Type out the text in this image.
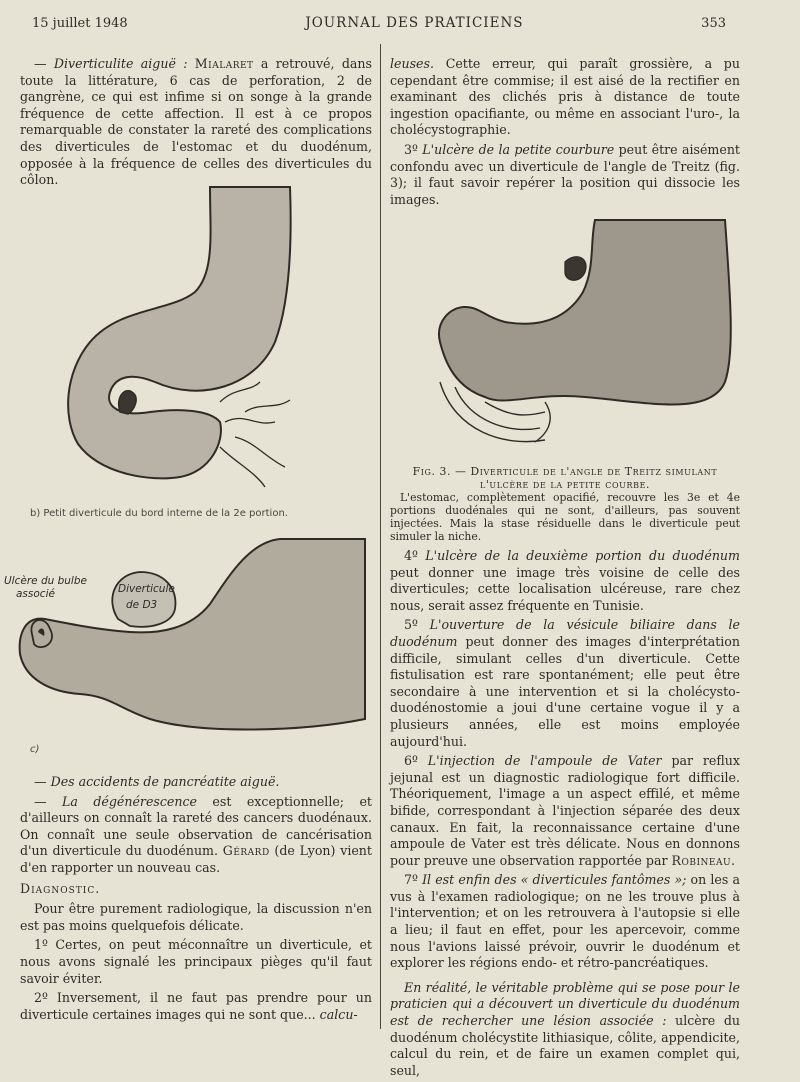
15 juillet 1948	JOURNAL DES PRATICIENS	353

— Diverticulite aiguë : Mialaret a retrouvé, dans toute la littérature, 6 cas de perforation, 2 de gangrène, ce qui est infime si on songe à la grande fréquence de cette affection. Il est à ce propos remarquable de constater la rareté des complications des diverticules de l'estomac et du duodénum, opposée à la fréquence de celles des diverticules du côlon.

b) Petit diverticule du bord interne de la 2e portion.
Ulcère du bulbe
associé	Diverticule
de D3
c)

— Des accidents de pancréatite aiguë.

— La dégénérescence est exceptionnelle; et d'ailleurs on connaît la rareté des cancers duodénaux. On connaît une seule observation de cancérisation d'un diverticule du duodénum. Gérard (de Lyon) vient d'en rapporter un nouveau cas.

Diagnostic.

Pour être purement radiologique, la discussion n'en est pas moins quelquefois délicate.

1º Certes, on peut méconnaître un diverticule, et nous avons signalé les principaux pièges qu'il faut savoir éviter.

2º Inversement, il ne faut pas prendre pour un diverticule certaines images qui ne sont que... calcu-

leuses. Cette erreur, qui paraît grossière, a pu cependant être commise; il est aisé de la rectifier en examinant des clichés pris à distance de toute ingestion opacifiante, ou même en associant l'uro-, la cholécystographie.

3º L'ulcère de la petite courbure peut être aisément confondu avec un diverticule de l'angle de Treitz (fig. 3); il faut savoir repérer la position qui dissocie les images.

Fig. 3. — Diverticule de l'angle de Treitz simulant l'ulcère de la petite courbe.
L'estomac, complètement opacifié, recouvre les 3e et 4e portions duodénales qui ne sont, d'ailleurs, pas souvent injectées. Mais la stase résiduelle dans le diverticule peut simuler la niche.

4º L'ulcère de la deuxième portion du duodénum peut donner une image très voisine de celle des diverticules; cette localisation ulcéreuse, rare chez nous, serait assez fréquente en Tunisie.

5º L'ouverture de la vésicule biliaire dans le duodénum peut donner des images d'interprétation difficile, simulant celles d'un diverticule. Cette fistulisation est rare spontanément; elle peut être secondaire à une intervention et si la cholécysto-duodénostomie a joui d'une certaine vogue il y a plusieurs années, elle est moins employée aujourd'hui.

6º L'injection de l'ampoule de Vater par reflux jejunal est un diagnostic radiologique fort difficile. Théoriquement, l'image a un aspect effilé, et même bifide, correspondant à l'injection séparée des deux canaux. En fait, la reconnaissance certaine d'une ampoule de Vater est très délicate. Nous en donnons pour preuve une observation rapportée par Robineau.

7º Il est enfin des « diverticules fantômes »; on les a vus à l'examen radiologique; on ne les trouve plus à l'intervention; et on les retrouvera à l'autopsie si elle a lieu; il faut en effet, pour les apercevoir, comme nous l'avions laissé prévoir, ouvrir le duodénum et explorer les régions endo- et rétro-pancréatiques.

En réalité, le véritable problème qui se pose pour le praticien qui a découvert un diverticule du duodénum est de rechercher une lésion associée : ulcère du duodénum cholécystite lithiasique, côlite, appendicite, calcul du rein, et de faire un examen complet qui, seul,
